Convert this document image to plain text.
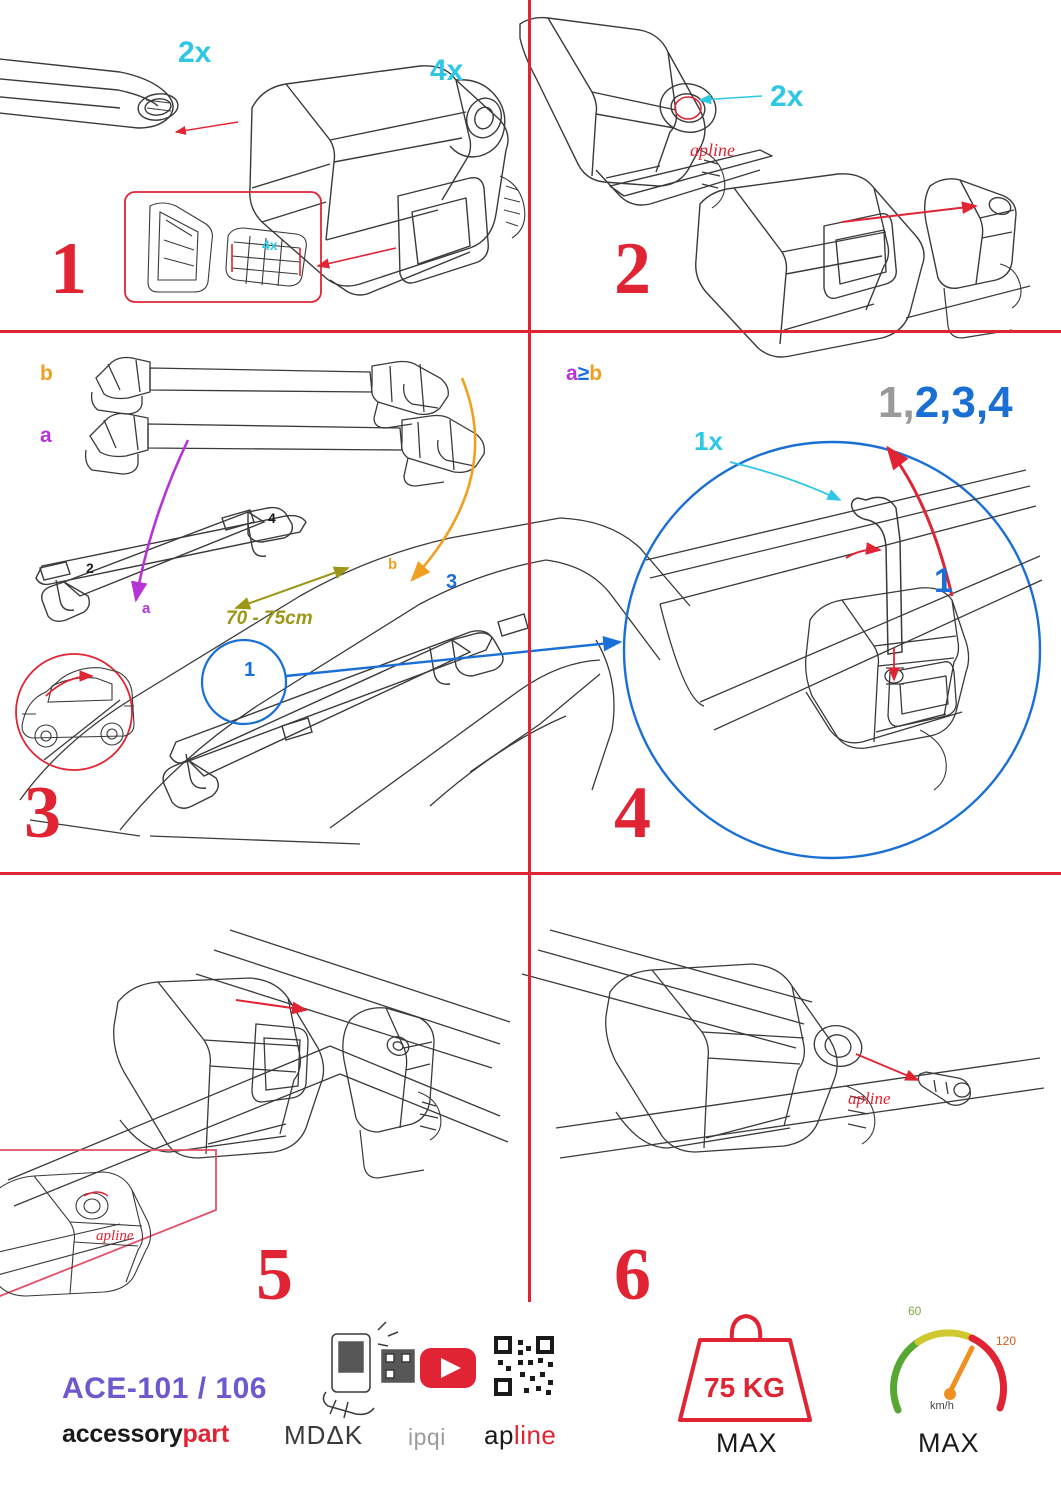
apline
apline
apline
1	2
3	4
5	6
2x
4x
4x
2x
b
a
a≥b
a
b
70 - 75cm
2
4
1
3
1x
1,2,3,4
1
ACE-101 / 106
accessorypart MDΔK ipqi apline
75 KG
MAX	MAX
km/h
60
120
